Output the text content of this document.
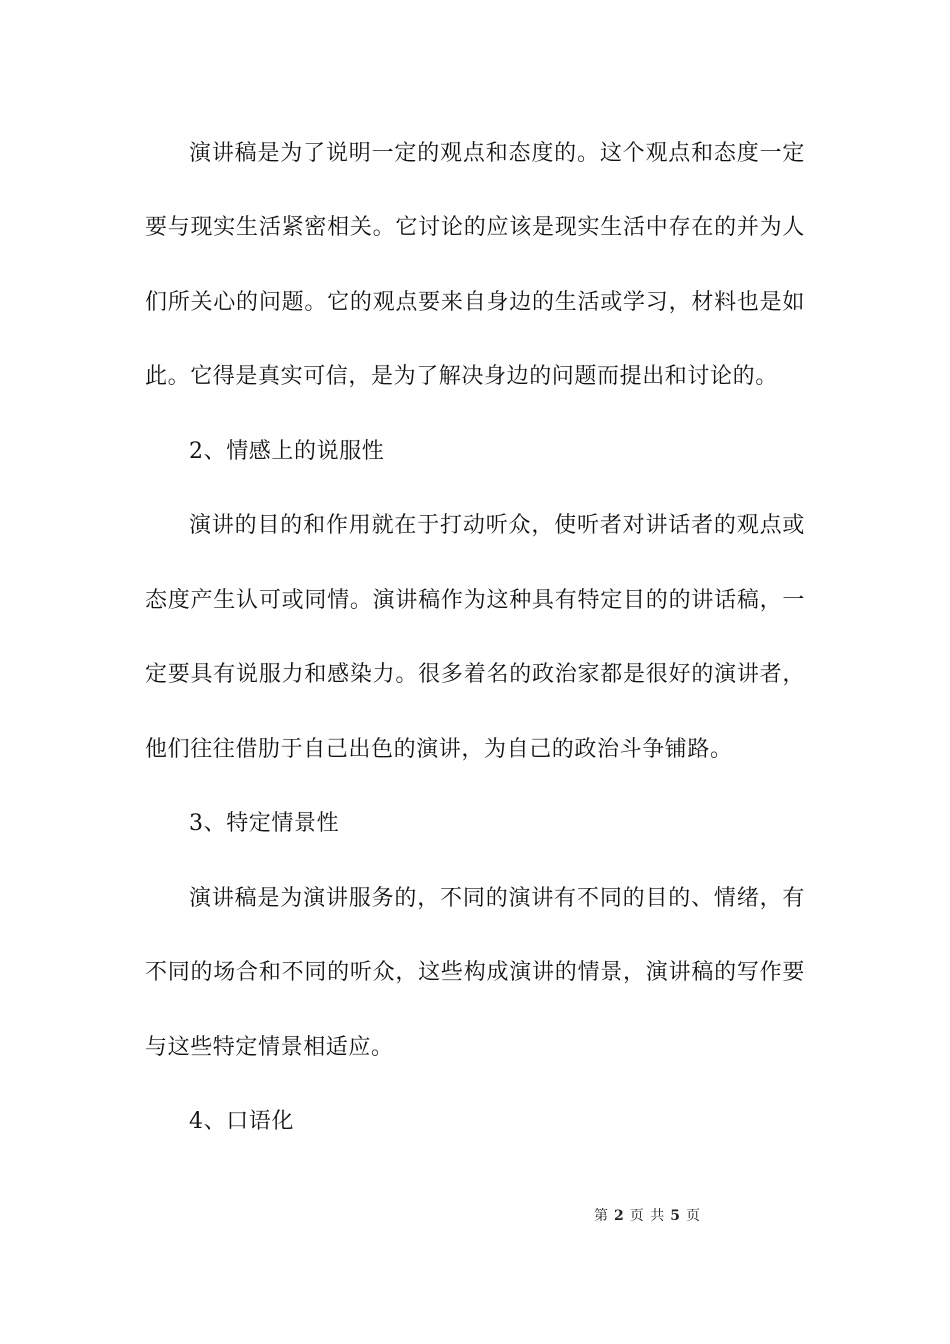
演讲稿是为了说明一定的观点和态度的。这个观点和态度一定
要与现实生活紧密相关。它讨论的应该是现实生活中存在的并为人
们所关心的问题。它的观点要来自身边的生活或学习，材料也是如
此。它得是真实可信，是为了解决身边的问题而提出和讨论的。
2、情感上的说服性
演讲的目的和作用就在于打动听众，使听者对讲话者的观点或
态度产生认可或同情。演讲稿作为这种具有特定目的的讲话稿，一
定要具有说服力和感染力。很多着名的政治家都是很好的演讲者，
他们往往借肋于自己出色的演讲，为自己的政治斗争铺路。
3、特定情景性
演讲稿是为演讲服务的，不同的演讲有不同的目的、情绪，有
不同的场合和不同的听众，这些构成演讲的情景，演讲稿的写作要
与这些特定情景相适应。
4、口语化
第 2 页 共 5 页
